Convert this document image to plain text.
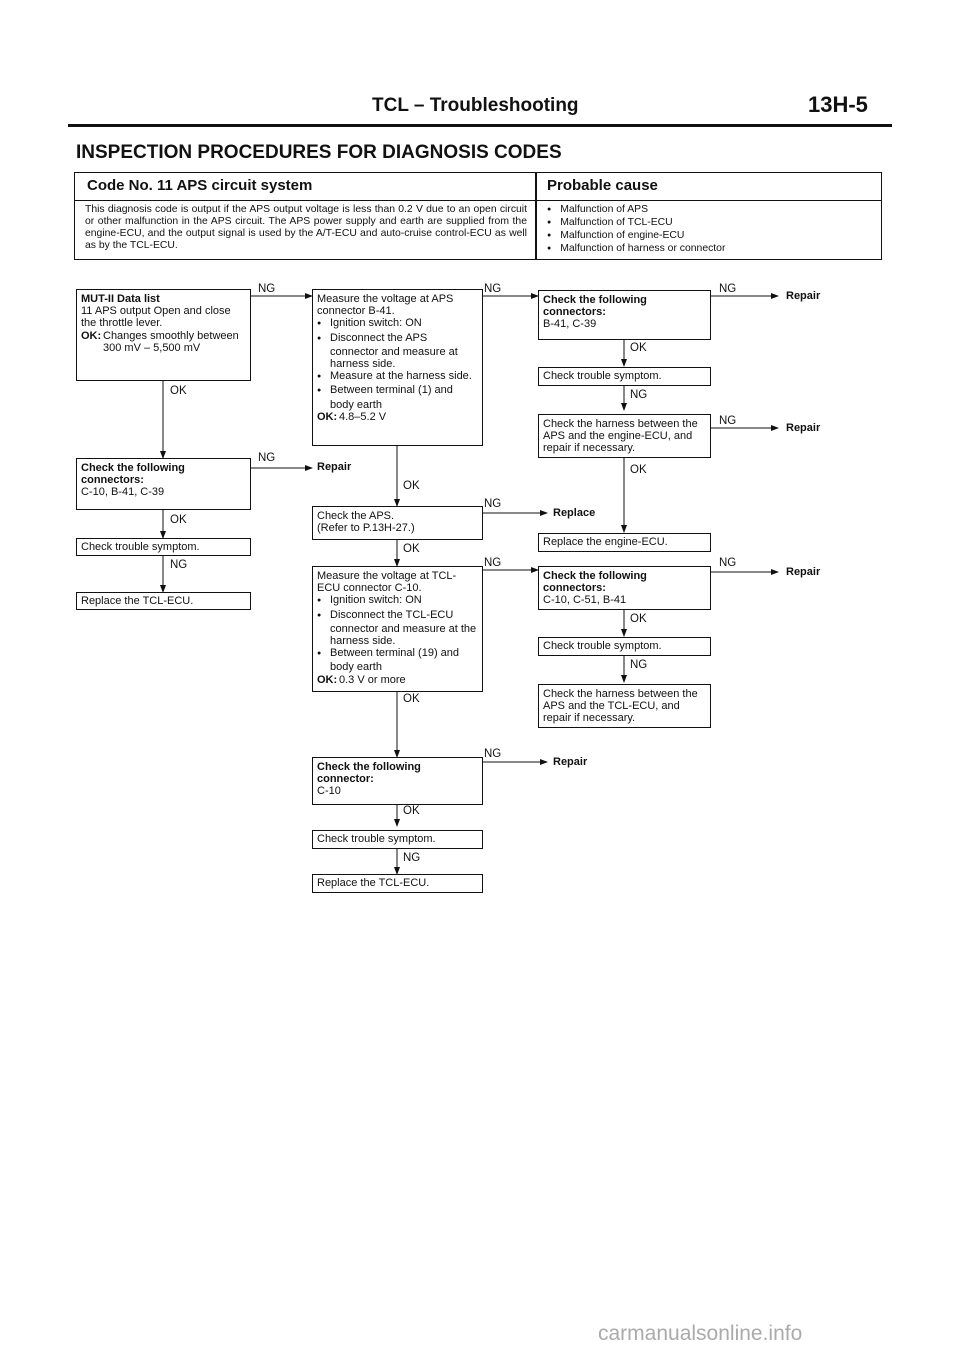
TCL – Troubleshooting	13H-5
INSPECTION PROCEDURES FOR DIAGNOSIS CODES
Code No. 11 APS circuit system	Probable cause
This diagnosis code is output if the APS output voltage is less than 0.2 V due to an open circuit or other malfunction in the APS circuit. The APS power supply and earth are supplied from the engine-ECU, and the output signal is used by the A/T-ECU and auto-cruise control-ECU as well as by the TCL-ECU.
● Malfunction of APS
● Malfunction of TCL-ECU
● Malfunction of engine-ECU
● Malfunction of harness or connector
MUT-II Data list
11 APS output Open and close
the throttle lever.
OK: Changes smoothly between 300 mV – 5,500 mV
Check the following connectors:
C-10, B-41, C-39
Check trouble symptom.
Replace the TCL-ECU.
Measure the voltage at APS
connector B-41.
● Ignition switch: ON
● Disconnect the APS connector and measure at harness side.
● Measure at the harness side.
● Between terminal (1) and body earth
OK: 4.8–5.2 V
Check the APS.
(Refer to P.13H-27.)
Measure the voltage at TCL-
ECU connector C-10.
● Ignition switch: ON
● Disconnect the TCL-ECU connector and measure at the harness side.
● Between terminal (19) and body earth
OK: 0.3 V or more
Check the following connector:
C-10
Check trouble symptom.
Replace the TCL-ECU.
Check the following connectors:
B-41, C-39
Check trouble symptom.
Check the harness between the APS and the engine-ECU, and repair if necessary.
Replace the engine-ECU.
Check the following connectors:
C-10, C-51, B-41
Check trouble symptom.
Check the harness between the APS and the TCL-ECU, and repair if necessary.
NG
NG
NG
NG
NG
NG
NG
NG
NG
OK
OK
NG
OK
OK
OK
OK
NG
OK
NG
OK
OK
NG
Repair
Replace
Repair
Repair
Repair
Repair
carmanualsonline.info
